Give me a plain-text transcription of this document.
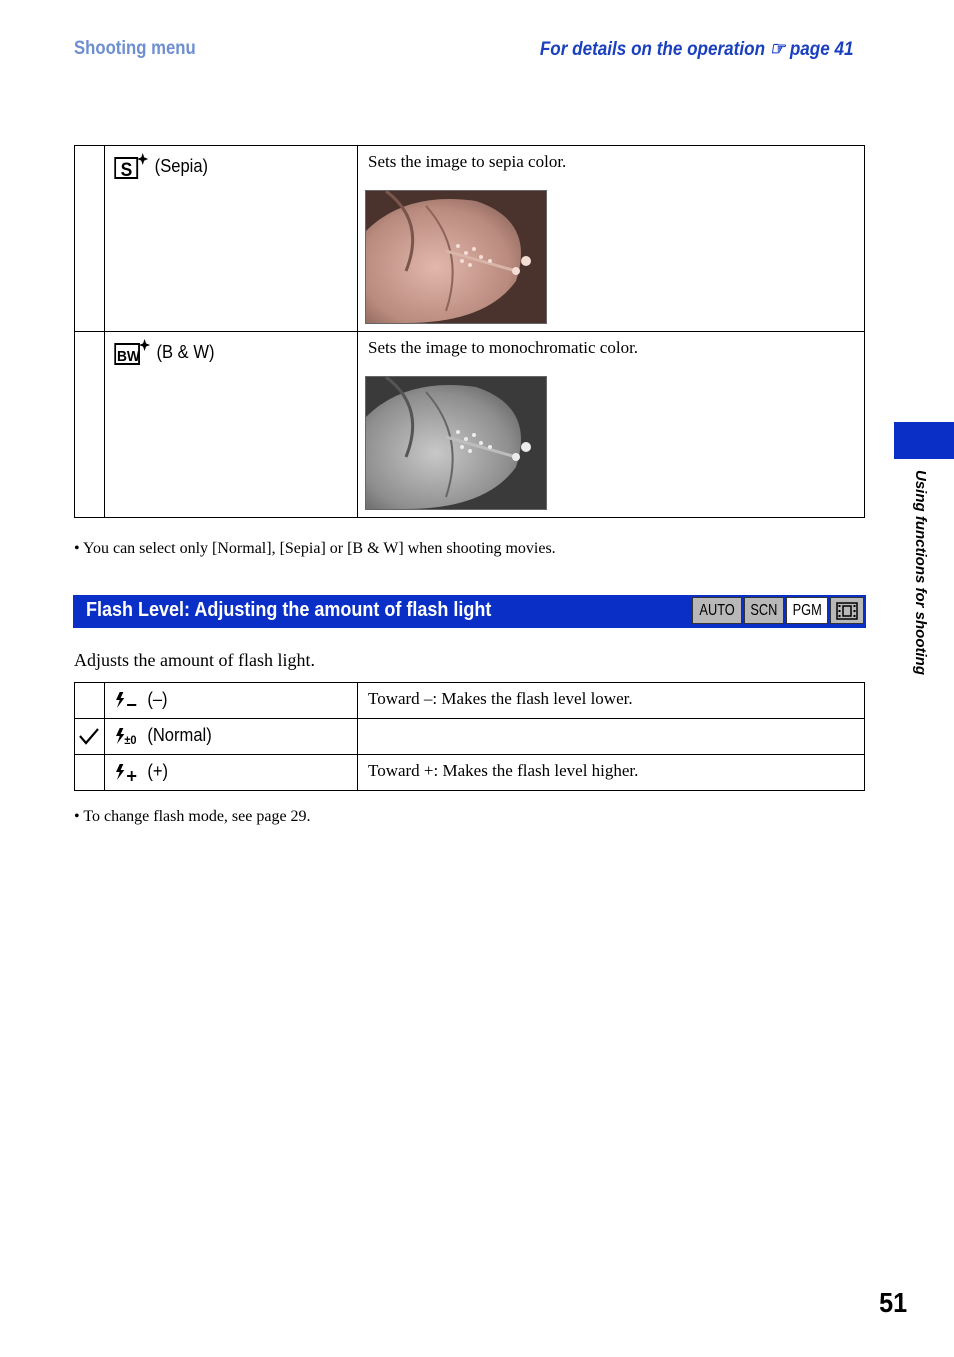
Shooting menu	For details on the operation ☞ page 41

S (Sepia)	Sets the image to sepia color.

BW (B & W)	Sets the image to monochromatic color.
• You can select only [Normal], [Sepia] or [B & W] when shooting movies.
Flash Level: Adjusting the amount of flash light	AUTO SCN PGM
Adjusts the amount of flash light.

	(–)	Toward –: Makes the flash level lower.

±0 (Normal)	

	(+)	Toward +: Makes the flash level higher.
• To change flash mode, see page 29.
Using functions for shooting
51
